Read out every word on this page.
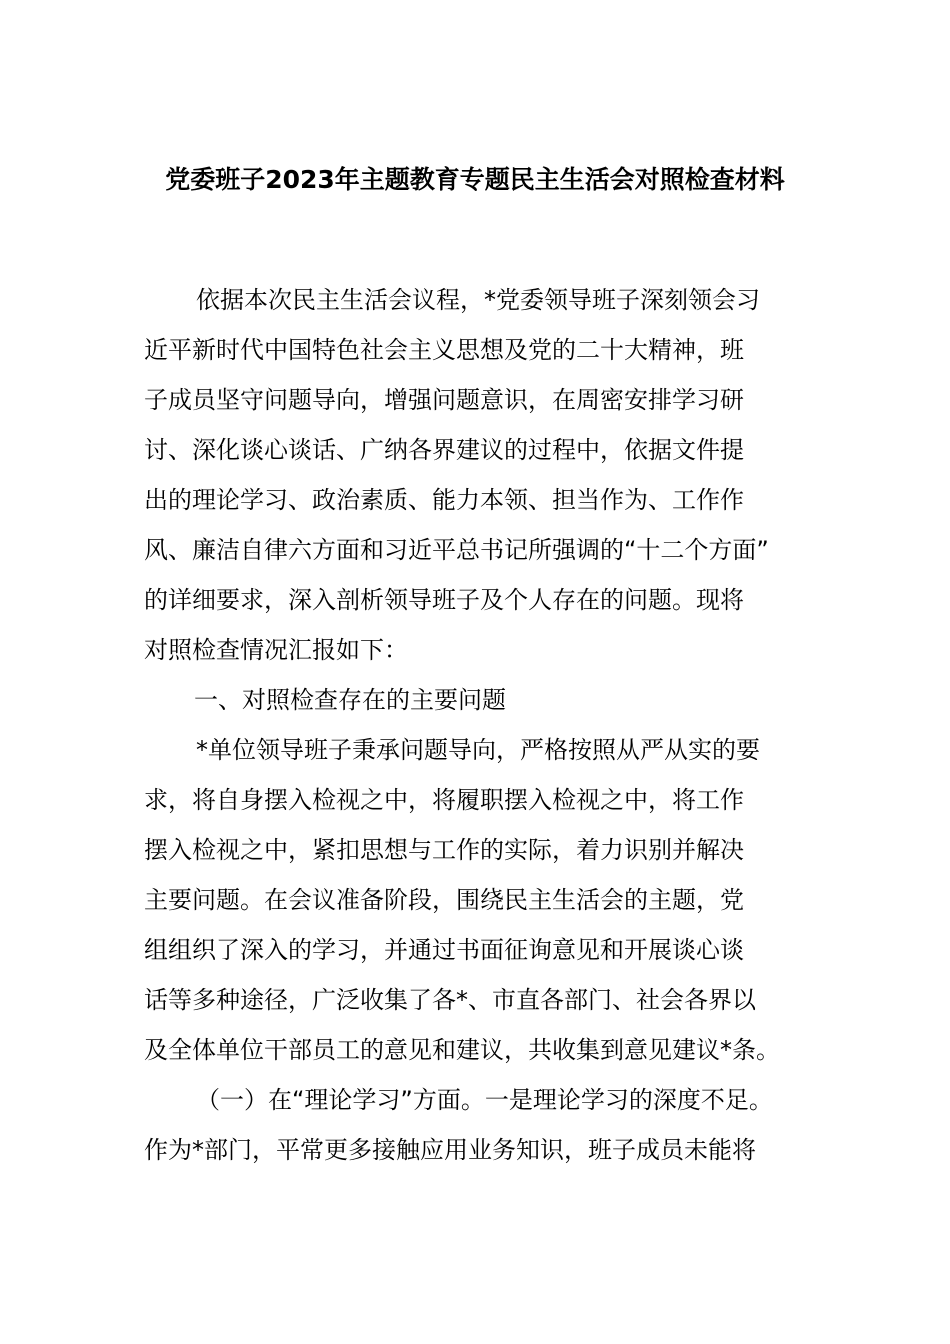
党委班子2023年主题教育专题民主生活会对照检查材料
依据本次民主生活会议程，*党委领导班子深刻领会习
近平新时代中国特色社会主义思想及党的二十大精神，班
子成员坚守问题导向，增强问题意识，在周密安排学习研
讨、深化谈心谈话、广纳各界建议的过程中，依据文件提
出的理论学习、政治素质、能力本领、担当作为、工作作
风、廉洁自律六方面和习近平总书记所强调的“十二个方面”
的详细要求，深入剖析领导班子及个人存在的问题。现将
对照检查情况汇报如下：
一、对照检查存在的主要问题
*单位领导班子秉承问题导向，严格按照从严从实的要
求，将自身摆入检视之中，将履职摆入检视之中，将工作
摆入检视之中，紧扣思想与工作的实际，着力识别并解决
主要问题。在会议准备阶段，围绕民主生活会的主题，党
组组织了深入的学习，并通过书面征询意见和开展谈心谈
话等多种途径，广泛收集了各*、市直各部门、社会各界以
及全体单位干部员工的意见和建议，共收集到意见建议*条。
（一）在“理论学习”方面。一是理论学习的深度不足。
作为*部门，平常更多接触应用业务知识，班子成员未能将
